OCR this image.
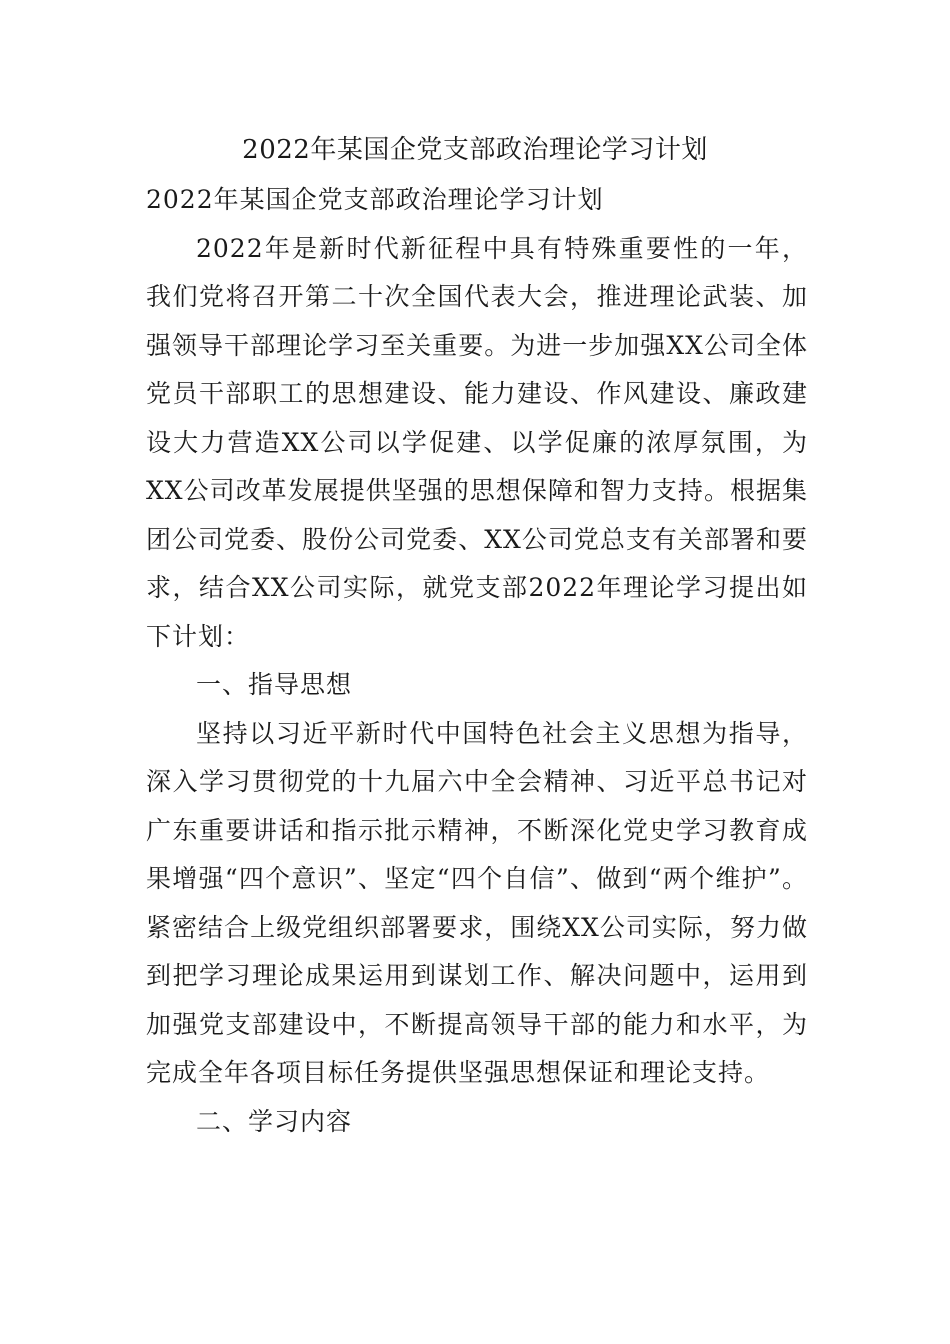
2022年某国企党支部政治理论学习计划

2022年某国企党支部政治理论学习计划

2022年是新时代新征程中具有特殊重要性的一年，我们党将召开第二十次全国代表大会，推进理论武装、加强领导干部理论学习至关重要。为进一步加强XX公司全体党员干部职工的思想建设、能力建设、作风建设、廉政建设大力营造XX公司以学促建、以学促廉的浓厚氛围，为XX公司改革发展提供坚强的思想保障和智力支持。根据集团公司党委、股份公司党委、XX公司党总支有关部署和要求，结合XX公司实际，就党支部2022年理论学习提出如下计划：

一、指导思想

坚持以习近平新时代中国特色社会主义思想为指导，深入学习贯彻党的十九届六中全会精神、习近平总书记对广东重要讲话和指示批示精神，不断深化党史学习教育成果增强“四个意识”、坚定“四个自信”、做到“两个维护”。紧密结合上级党组织部署要求，围绕XX公司实际，努力做到把学习理论成果运用到谋划工作、解决问题中，运用到加强党支部建设中，不断提高领导干部的能力和水平，为完成全年各项目标任务提供坚强思想保证和理论支持。

二、学习内容
